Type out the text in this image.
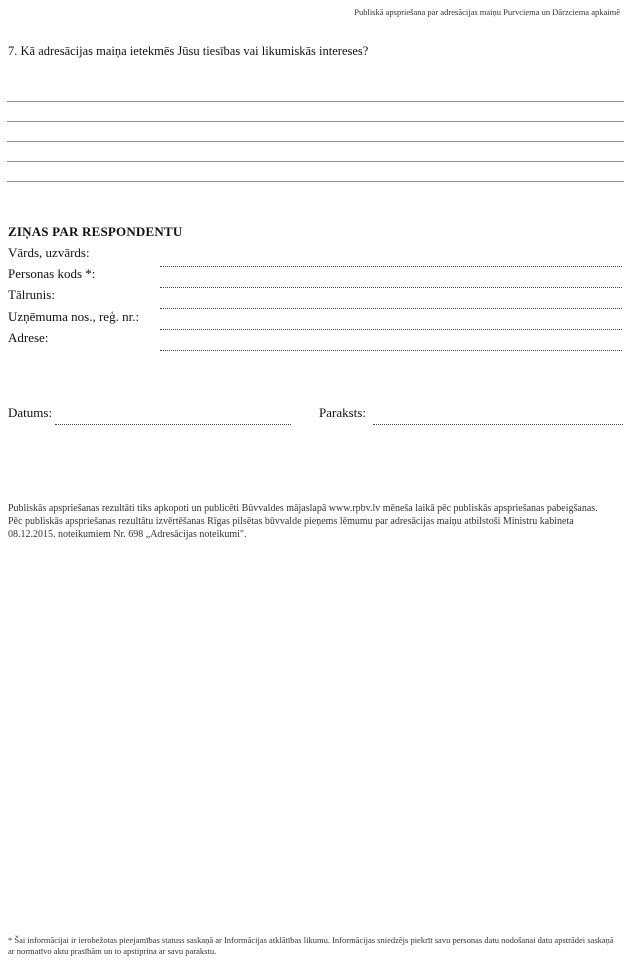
Publiskā apspriešana par adresācijas maiņu Purvciema un Dārzciema apkaimē
7. Kā adresācijas maiņa ietekmēs Jūsu tiesības vai likumiskās intereses?
ZIŅAS PAR RESPONDENTU
Vārds, uzvārds:
Personas kods *:
Tālrunis:
Uzņēmuma nos., reģ. nr.:
Adrese:
Datums:	Paraksts:
Publiskās apspriešanas rezultāti tiks apkopoti un publicēti Būvvaldes mājaslapā www.rpbv.lv mēneša laikā pēc publiskās apspriešanas pabeigšanas. Pēc publiskās apspriešanas rezultātu izvērtēšanas Rīgas pilsētas būvvalde pieņems lēmumu par adresācijas maiņu atbilstoši Ministru kabineta 08.12.2015. noteikumiem Nr. 698 „Adresācijas noteikumi".
* Šai informācijai ir ierobežotas pieejamības statuss saskaņā ar Informācijas atklātības likumu. Informācijas sniedzējs piekrīt savu personas datu nodošanai datu apstrādei saskaņā ar normatīvo aktu prasībām un to apstiprina ar savu parakstu.
